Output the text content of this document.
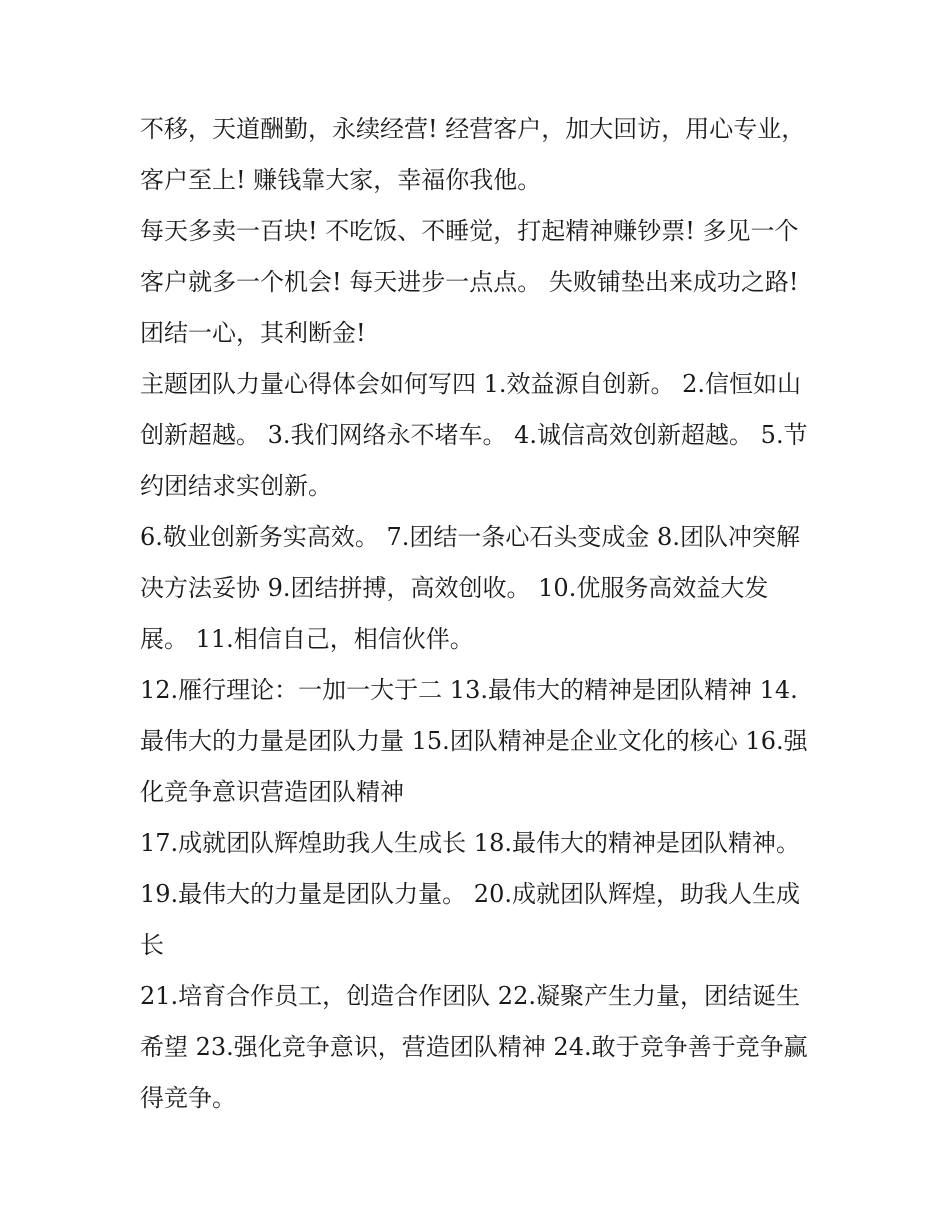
不移，天道酬勤，永续经营! 经营客户，加大回访，用心专业，客户至上! 赚钱靠大家，幸福你我他。

每天多卖一百块! 不吃饭、不睡觉，打起精神赚钞票! 多见一个客户就多一个机会! 每天进步一点点。 失败铺垫出来成功之路! 团结一心，其利断金!

主题团队力量心得体会如何写四 1.效益源自创新。 2.信恒如山创新超越。 3.我们网络永不堵车。 4.诚信高效创新超越。 5.节约团结求实创新。

6.敬业创新务实高效。 7.团结一条心石头变成金 8.团队冲突解决方法妥协 9.团结拼搏，高效创收。 10.优服务高效益大发展。 11.相信自己，相信伙伴。

12.雁行理论：一加一大于二 13.最伟大的精神是团队精神 14.最伟大的力量是团队力量 15.团队精神是企业文化的核心 16.强化竞争意识营造团队精神

17.成就团队辉煌助我人生成长 18.最伟大的精神是团队精神。 19.最伟大的力量是团队力量。 20.成就团队辉煌，助我人生成长

21.培育合作员工，创造合作团队 22.凝聚产生力量，团结诞生希望 23.强化竞争意识，营造团队精神 24.敢于竞争善于竞争赢得竞争。
